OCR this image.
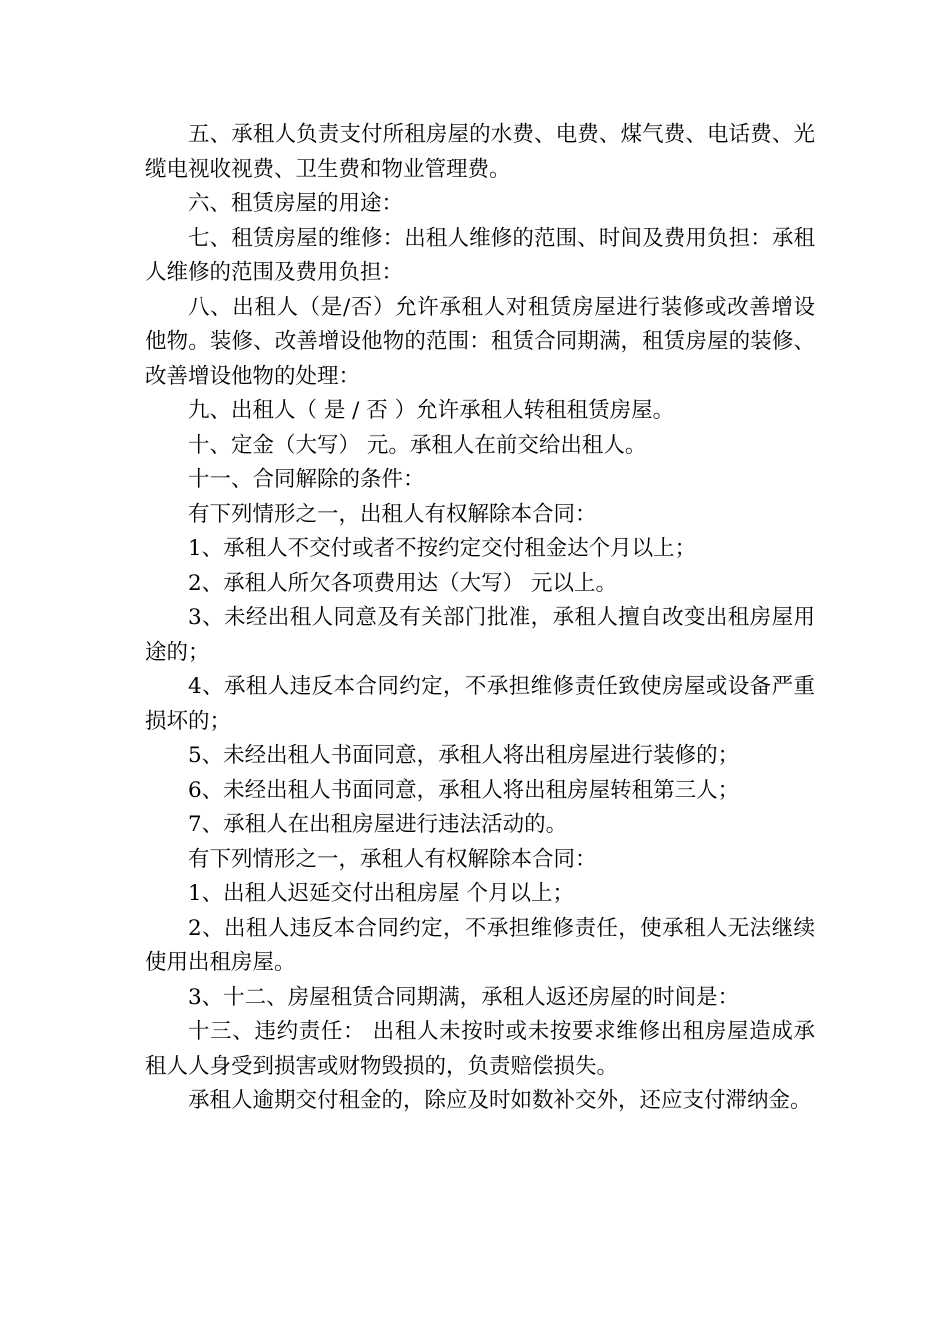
五、承租人负责支付所租房屋的水费、电费、煤气费、电话费、光缆电视收视费、卫生费和物业管理费。

六、租赁房屋的用途：

七、租赁房屋的维修：出租人维修的范围、时间及费用负担：承租人维修的范围及费用负担：

八、出租人（是/否）允许承租人对租赁房屋进行装修或改善增设他物。装修、改善增设他物的范围：租赁合同期满，租赁房屋的装修、改善增设他物的处理：

九、出租人（ 是 / 否 ）允许承租人转租租赁房屋。

十、定金（大写） 元。承租人在前交给出租人。

十一、合同解除的条件：

有下列情形之一，出租人有权解除本合同：

1、承租人不交付或者不按约定交付租金达个月以上；

2、承租人所欠各项费用达（大写） 元以上。

3、未经出租人同意及有关部门批准，承租人擅自改变出租房屋用途的；

4、承租人违反本合同约定，不承担维修责任致使房屋或设备严重损坏的；

5、未经出租人书面同意，承租人将出租房屋进行装修的；

6、未经出租人书面同意，承租人将出租房屋转租第三人；

7、承租人在出租房屋进行违法活动的。

有下列情形之一，承租人有权解除本合同：

1、出租人迟延交付出租房屋 个月以上；

2、出租人违反本合同约定，不承担维修责任，使承租人无法继续使用出租房屋。

3、十二、房屋租赁合同期满，承租人返还房屋的时间是：

十三、违约责任： 出租人未按时或未按要求维修出租房屋造成承租人人身受到损害或财物毁损的，负责赔偿损失。

承租人逾期交付租金的，除应及时如数补交外，还应支付滞纳金。
